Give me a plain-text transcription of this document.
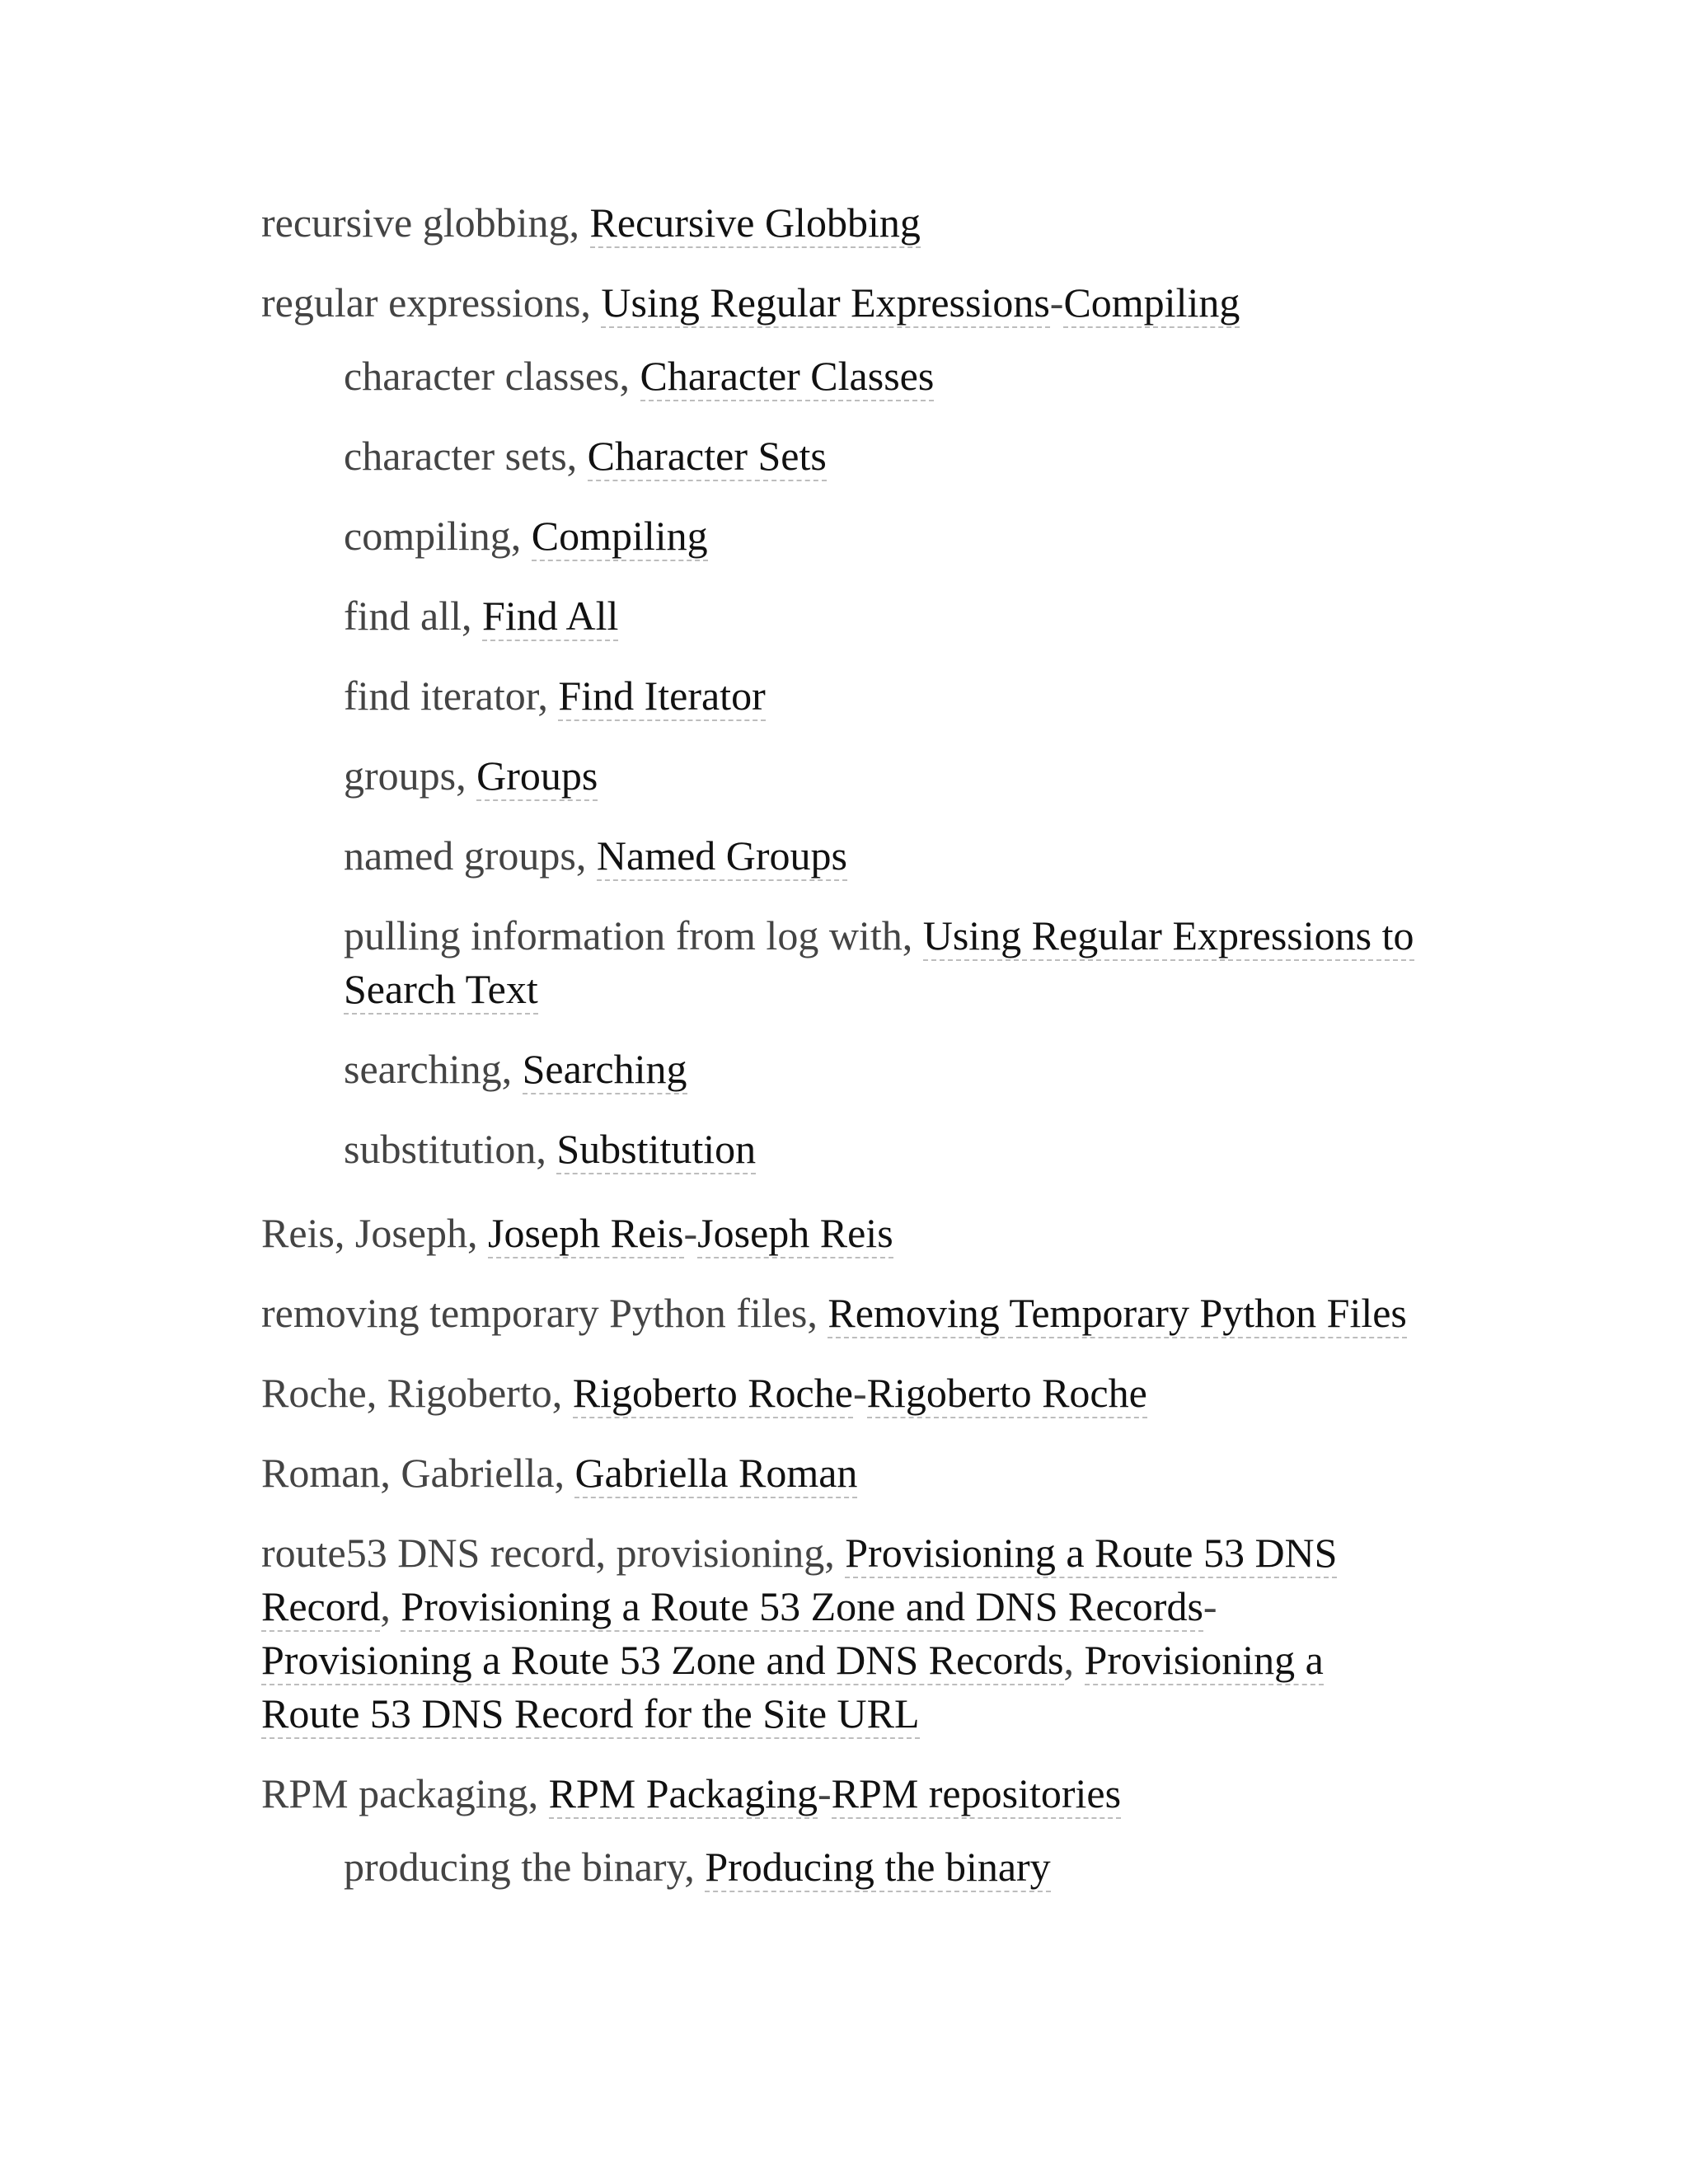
recursive globbing, Recursive Globbing

regular expressions, Using Regular Expressions-Compiling

character classes, Character Classes

character sets, Character Sets

compiling, Compiling

find all, Find All

find iterator, Find Iterator

groups, Groups

named groups, Named Groups

pulling information from log with, Using Regular Expressions to Search Text

searching, Searching

substitution, Substitution

Reis, Joseph, Joseph Reis-Joseph Reis

removing temporary Python files, Removing Temporary Python Files

Roche, Rigoberto, Rigoberto Roche-Rigoberto Roche

Roman, Gabriella, Gabriella Roman

route53 DNS record, provisioning, Provisioning a Route 53 DNS Record, Provisioning a Route 53 Zone and DNS Records-
Provisioning a Route 53 Zone and DNS Records, Provisioning a Route 53 DNS Record for the Site URL

RPM packaging, RPM Packaging-RPM repositories

producing the binary, Producing the binary
